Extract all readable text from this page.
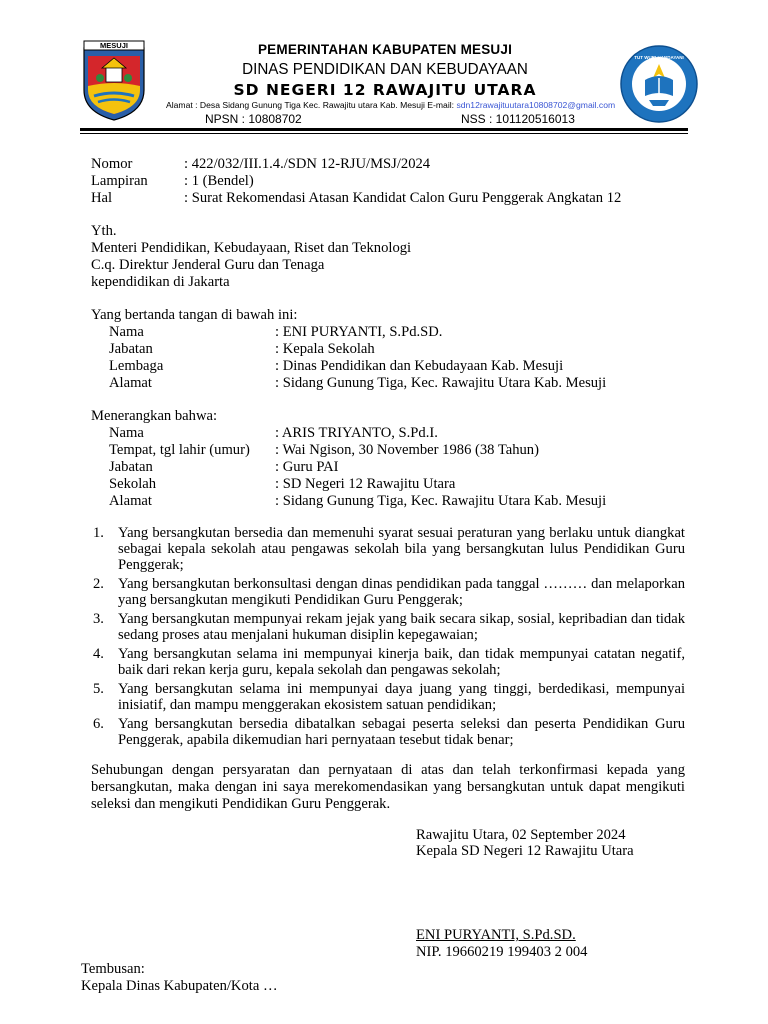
MESUJI
TUT WURI HANDAYANI
PEMERINTAHAN KABUPATEN MESUJI
DINAS PENDIDIKAN DAN KEBUDAYAAN
SD NEGERI 12 RAWAJITU UTARA
Alamat : Desa Sidang Gunung Tiga Kec. Rawajitu utara Kab. Mesuji E-mail: sdn12rawajituutara10808702@gmail.com
NPSN : 10808702	NSS : 101120516013
Nomor	: 422/032/III.1.4./SDN 12-RJU/MSJ/2024
Lampiran : 1 (Bendel)
Hal	: Surat Rekomendasi Atasan Kandidat Calon Guru Penggerak Angkatan 12
Yth.
Menteri Pendidikan, Kebudayaan, Riset dan Teknologi
C.q. Direktur Jenderal Guru dan Tenaga
kependidikan di Jakarta
Yang bertanda tangan di bawah ini:
Nama	: ENI PURYANTI, S.Pd.SD.
Jabatan	: Kepala Sekolah
Lembaga	: Dinas Pendidikan dan Kebudayaan Kab. Mesuji
Alamat	: Sidang Gunung Tiga, Kec. Rawajitu Utara Kab. Mesuji
Menerangkan bahwa:
Nama	: ARIS TRIYANTO, S.Pd.I.
Tempat, tgl lahir (umur) : Wai Ngison, 30 November 1986 (38 Tahun)
Jabatan	: Guru PAI
Sekolah	: SD Negeri 12 Rawajitu Utara
Alamat	: Sidang Gunung Tiga, Kec. Rawajitu Utara Kab. Mesuji
1. Yang bersangkutan bersedia dan memenuhi syarat sesuai peraturan yang berlaku untuk diangkat sebagai kepala sekolah atau pengawas sekolah bila yang bersangkutan lulus Pendidikan Guru Penggerak;
2. Yang bersangkutan berkonsultasi dengan dinas pendidikan pada tanggal ……… dan melaporkan yang bersangkutan mengikuti Pendidikan Guru Penggerak;
3. Yang bersangkutan mempunyai rekam jejak yang baik secara sikap, sosial, kepribadian dan tidak sedang proses atau menjalani hukuman disiplin kepegawaian;
4. Yang bersangkutan selama ini mempunyai kinerja baik, dan tidak mempunyai catatan negatif, baik dari rekan kerja guru, kepala sekolah dan pengawas sekolah;
5. Yang bersangkutan selama ini mempunyai daya juang yang tinggi, berdedikasi, mempunyai inisiatif, dan mampu menggerakan ekosistem satuan pendidikan;
6. Yang bersangkutan bersedia dibatalkan sebagai peserta seleksi dan peserta Pendidikan Guru Penggerak, apabila dikemudian hari pernyataan tesebut tidak benar;
Sehubungan dengan persyaratan dan pernyataan di atas dan telah terkonfirmasi kepada yang bersangkutan, maka dengan ini saya merekomendasikan yang bersangkutan untuk dapat mengikuti seleksi dan mengikuti Pendidikan Guru Penggerak.
Rawajitu Utara, 02 September 2024
Kepala SD Negeri 12 Rawajitu Utara
ENI PURYANTI, S.Pd.SD.
NIP. 19660219 199403 2 004
Tembusan:
Kepala Dinas Kabupaten/Kota …
